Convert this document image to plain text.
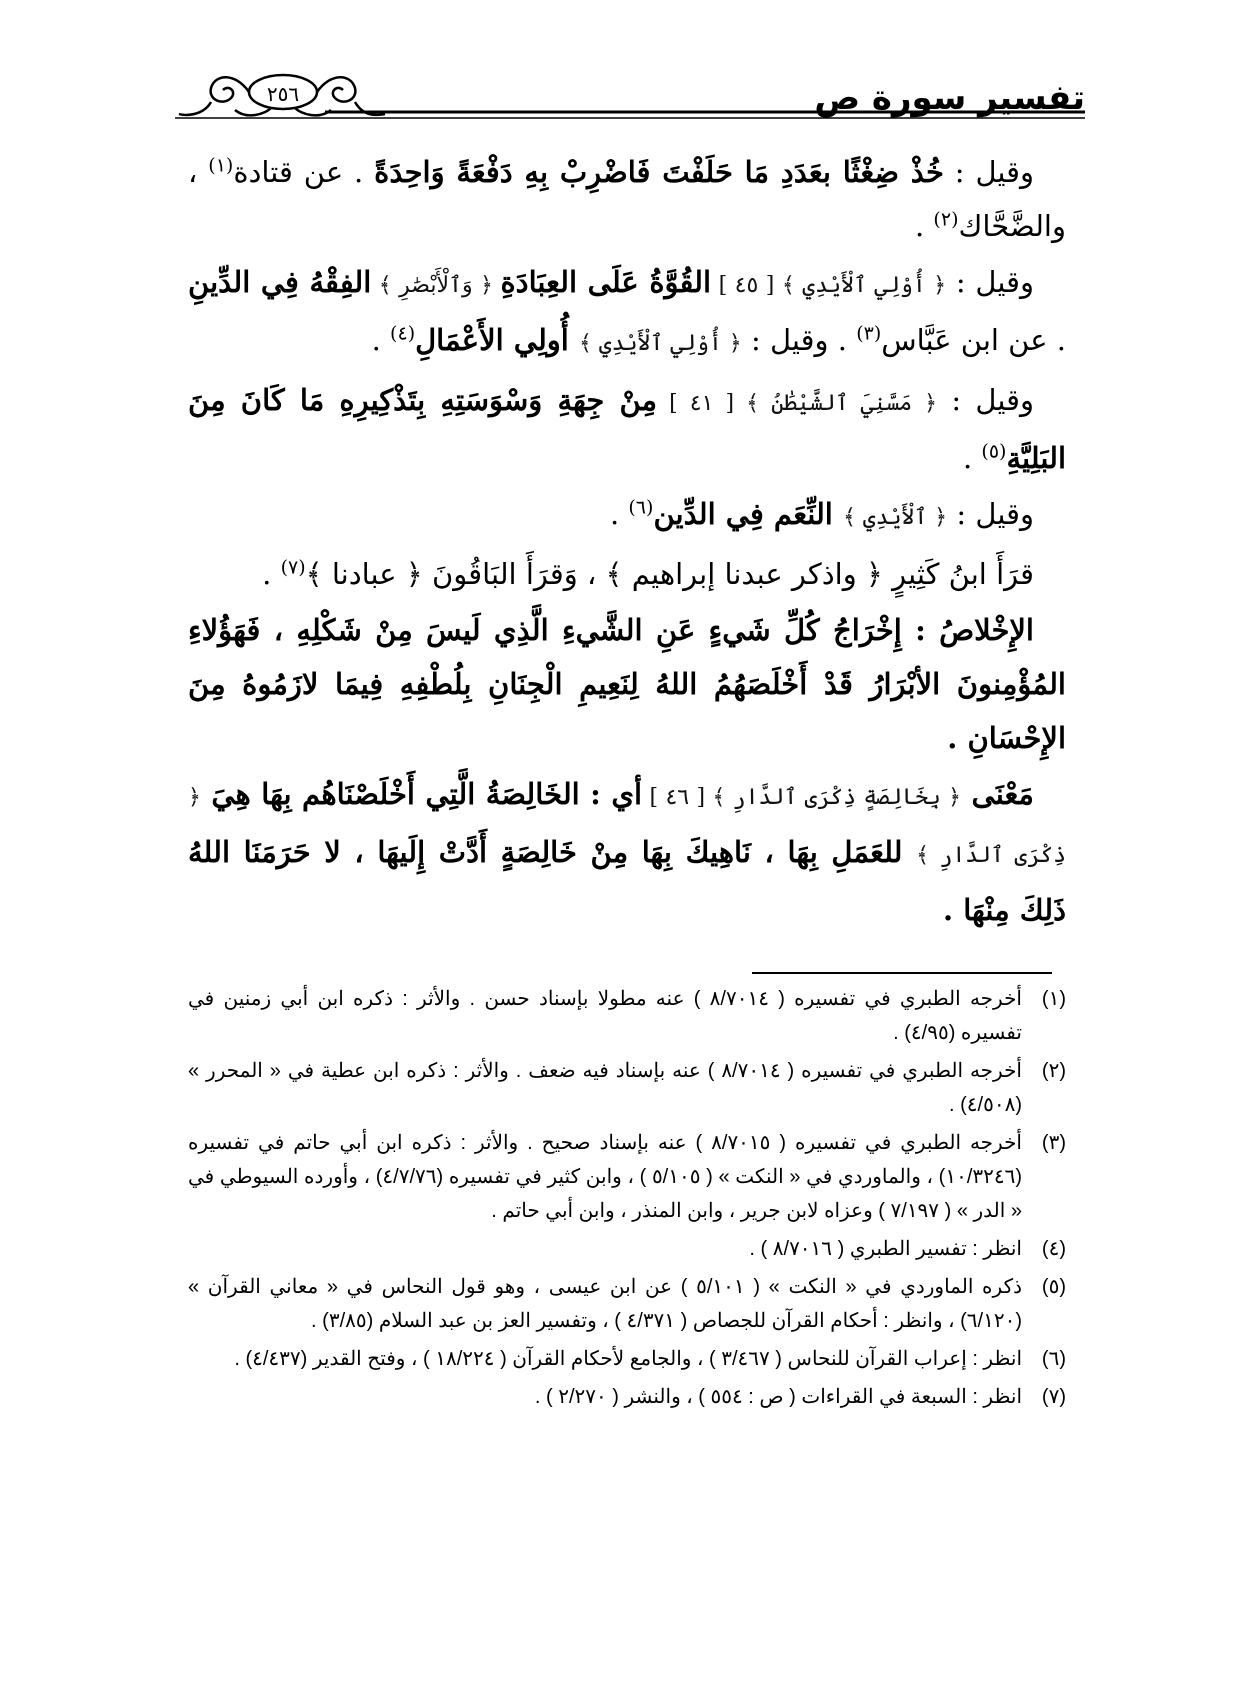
٢٥٦	تفسير سورة ص

وقيل : خُذْ ضِغْثًا بعَدَدِ مَا حَلَفْتَ فَاضْرِبْ بِهِ دَفْعَةً وَاحِدَةً . عن قتادة$^{(١)}$ ، والضَّحَّاك$^{(٢)}$ .

وقيل : ﴿ أُوْلِي ٱلْأَيْدِي ﴾ [ ٤٥ ] القُوَّةُ عَلَى العِبَادَةِ ﴿ وَٱلْأَبْصَٰرِ ﴾ الفِقْهُ فِي الدِّينِ . عن ابن عَبَّاس$^{(٣)}$ . وقيل : ﴿ أُوْلِي ٱلْأَيْدِي ﴾ أُولِي الأَعْمَالِ$^{(٤)}$ .

وقيل : ﴿ مَسَّنِيَ ٱلشَّيْطَٰنُ ﴾ [ ٤١ ] مِنْ جِهَةِ وَسْوَسَتِهِ بِتَذْكِيرِهِ مَا كَانَ مِنَ البَلِيَّةِ$^{(٥)}$ .

وقيل : ﴿ ٱلْأَيْدِي ﴾ النِّعَم فِي الدِّين$^{(٦)}$ .

قرَأَ ابنُ كَثِيرٍ ﴿ واذكر عبدنا إبراهيم ﴾ ، وَقرَأَ البَاقُونَ ﴿ عبادنا ﴾$^{(٧)}$ .

الإِخْلاصُ : إِخْرَاجُ كُلِّ شَيءٍ عَنِ الشَّيءِ الَّذِي لَيسَ مِنْ شَكْلِهِ ، فَهَؤُلاءِ المُؤْمِنونَ الأبْرَارُ قَدْ أَخْلَصَهُمُ اللهُ لِنَعِيمِ الْجِنَانِ بِلُطْفِهِ فِيمَا لازَمُوهُ مِنَ الإِحْسَانِ .

مَعْنَى ﴿ بِخَالِصَةٍ ذِكْرَى ٱلدَّارِ ﴾ [ ٤٦ ] أي : الخَالِصَةُ الَّتِي أَخْلَصْنَاهُم بِهَا هِيَ ﴿ ذِكْرَى ٱلدَّارِ ﴾ للعَمَلِ بِهَا ، نَاهِيكَ بِهَا مِنْ خَالِصَةٍ أَدَّتْ إِلَيهَا ، لا حَرَمَنَا اللهُ ذَلِكَ مِنْهَا .

(١)
أخرجه الطبري في تفسيره ( ٨/٧٠١٤ ) عنه مطولا بإسناد حسن . والأثر : ذكره ابن أبي زمنين في تفسيره (٤/٩٥) .
(٢)
أخرجه الطبري في تفسيره ( ٨/٧٠١٤ ) عنه بإسناد فيه ضعف . والأثر : ذكره ابن عطية في « المحرر » (٤/٥٠٨) .
(٣)
أخرجه الطبري في تفسيره ( ٨/٧٠١٥ ) عنه بإسناد صحيح . والأثر : ذكره ابن أبي حاتم في تفسيره (١٠/٣٢٤٦) ، والماوردي في « النكت » ( ٥/١٠٥ ) ، وابن كثير في تفسيره (٤/٧/٧٦) ، وأورده السيوطي في « الدر » ( ٧/١٩٧ ) وعزاه لابن جرير ، وابن المنذر ، وابن أبي حاتم .
(٤)
انظر : تفسير الطبري ( ٨/٧٠١٦ ) .
(٥)
ذكره الماوردي في « النكت » ( ٥/١٠١ ) عن ابن عيسى ، وهو قول النحاس في « معاني القرآن » (٦/١٢٠) ، وانظر : أحكام القرآن للجصاص ( ٤/٣٧١ ) ، وتفسير العز بن عبد السلام (٣/٨٥) .
(٦)
انظر : إعراب القرآن للنحاس ( ٣/٤٦٧ ) ، والجامع لأحكام القرآن ( ١٨/٢٢٤ ) ، وفتح القدير (٤/٤٣٧) .
(٧)
انظر : السبعة في القراءات ( ص : ٥٥٤ ) ، والنشر ( ٢/٢٧٠ ) .
